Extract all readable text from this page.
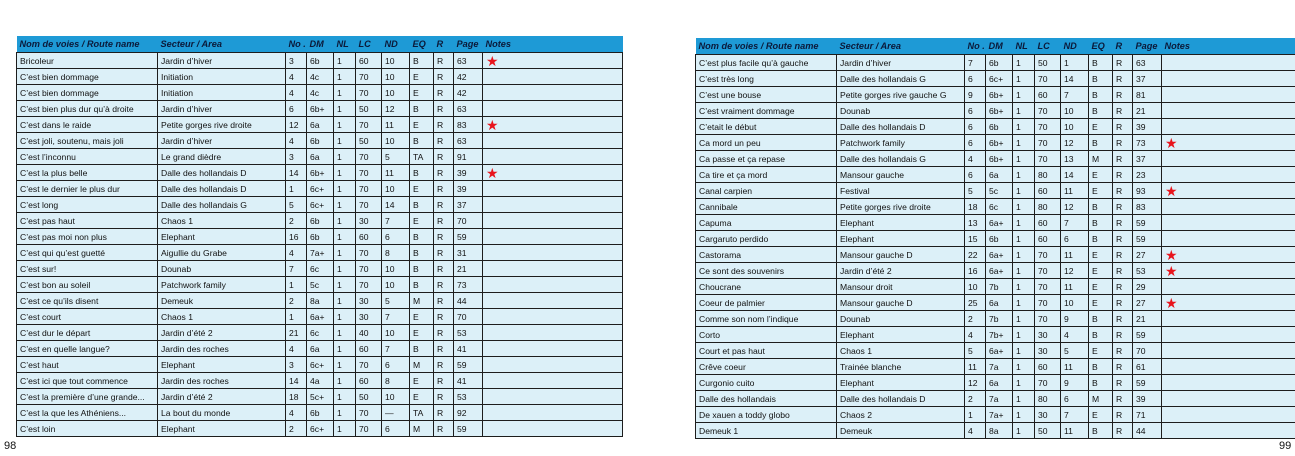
Nom de voies / Route name	Secteur / Area	No .	DM	NL	LC	ND	EQ	R	Page	Notes
Bricoleur	Jardin d’hiver	3	6b	1	60	10	B	R	63	★
C’est bien dommage	Initiation	4	4c	1	70	10	E	R	42	
C’est bien dommage	Initiation	4	4c	1	70	10	E	R	42	
C’est bien plus dur qu’à droite	Jardin d’hiver	6	6b+	1	50	12	B	R	63	
C’est dans le raide	Petite gorges rive droite	12	6a	1	70	11	E	R	83	★
C’est joli, soutenu, mais joli	Jardin d’hiver	4	6b	1	50	10	B	R	63	
C’est l’inconnu	Le grand dièdre	3	6a	1	70	5	TA	R	91	
C’est la plus belle	Dalle des hollandais D	14	6b+	1	70	11	B	R	39	★
C’est le dernier le plus dur	Dalle des hollandais D	1	6c+	1	70	10	E	R	39	
C’est long	Dalle des hollandais G	5	6c+	1	70	14	B	R	37	
C’est pas haut	Chaos 1	2	6b	1	30	7	E	R	70	
C’est pas moi non plus	Elephant	16	6b	1	60	6	B	R	59	
C’est qui qu’est guetté	Aigullie du Grabe	4	7a+	1	70	8	B	R	31	
C’est sur!	Dounab	7	6c	1	70	10	B	R	21	
C’est bon au soleil	Patchwork family	1	5c	1	70	10	B	R	73	
C’est ce qu’ils disent	Demeuk	2	8a	1	30	5	M	R	44	
C’est court	Chaos 1	1	6a+	1	30	7	E	R	70	
C’est dur le départ	Jardin d’été 2	21	6c	1	40	10	E	R	53	
C’est en quelle langue?	Jardin des roches	4	6a	1	60	7	B	R	41	
C’est haut	Elephant	3	6c+	1	70	6	M	R	59	
C’est ici que tout commence	Jardin des roches	14	4a	1	60	8	E	R	41	
C’est la première d’une grande...	Jardin d’été 2	18	5c+	1	50	10	E	R	53	
C’est la que les Athéniens...	La bout du monde	4	6b	1	70	—	TA	R	92	
C’est loin	Elephant	2	6c+	1	70	6	M	R	59	
Nom de voies / Route name	Secteur / Area	No .	DM	NL	LC	ND	EQ	R	Page	Notes
C’est plus facile qu’à gauche	Jardin d’hiver	7	6b	1	50	1	B	R	63	
C’est très long	Dalle des hollandais G	6	6c+	1	70	14	B	R	37	
C’est une bouse	Petite gorges rive gauche G	9	6b+	1	60	7	B	R	81	
C’est vraiment dommage	Dounab	6	6b+	1	70	10	B	R	21	
C’etait le début	Dalle des hollandais D	6	6b	1	70	10	E	R	39	
Ca mord un peu	Patchwork family	6	6b+	1	70	12	B	R	73	★
Ca passe et ça repase	Dalle des hollandais G	4	6b+	1	70	13	M	R	37	
Ca tire et ça mord	Mansour gauche	6	6a	1	80	14	E	R	23	
Canal carpien	Festival	5	5c	1	60	11	E	R	93	★
Cannibale	Petite gorges rive droite	18	6c	1	80	12	B	R	83	
Capuma	Elephant	13	6a+	1	60	7	B	R	59	
Cargaruto perdido	Elephant	15	6b	1	60	6	B	R	59	
Castorama	Mansour gauche D	22	6a+	1	70	11	E	R	27	★
Ce sont des souvenirs	Jardin d’été 2	16	6a+	1	70	12	E	R	53	★
Choucrane	Mansour droit	10	7b	1	70	11	E	R	29	
Coeur de palmier	Mansour gauche D	25	6a	1	70	10	E	R	27	★
Comme son nom l’indique	Dounab	2	7b	1	70	9	B	R	21	
Corto	Elephant	4	7b+	1	30	4	B	R	59	
Court et pas haut	Chaos 1	5	6a+	1	30	5	E	R	70	
Crêve coeur	Trainée blanche	11	7a	1	60	11	B	R	61	
Curgonio cuito	Elephant	12	6a	1	70	9	B	R	59	
Dalle des hollandais	Dalle des hollandais D	2	7a	1	80	6	M	R	39	
De xauen a toddy globo	Chaos 2	1	7a+	1	30	7	E	R	71	
Demeuk 1	Demeuk	4	8a	1	50	11	B	R	44	
98	99
